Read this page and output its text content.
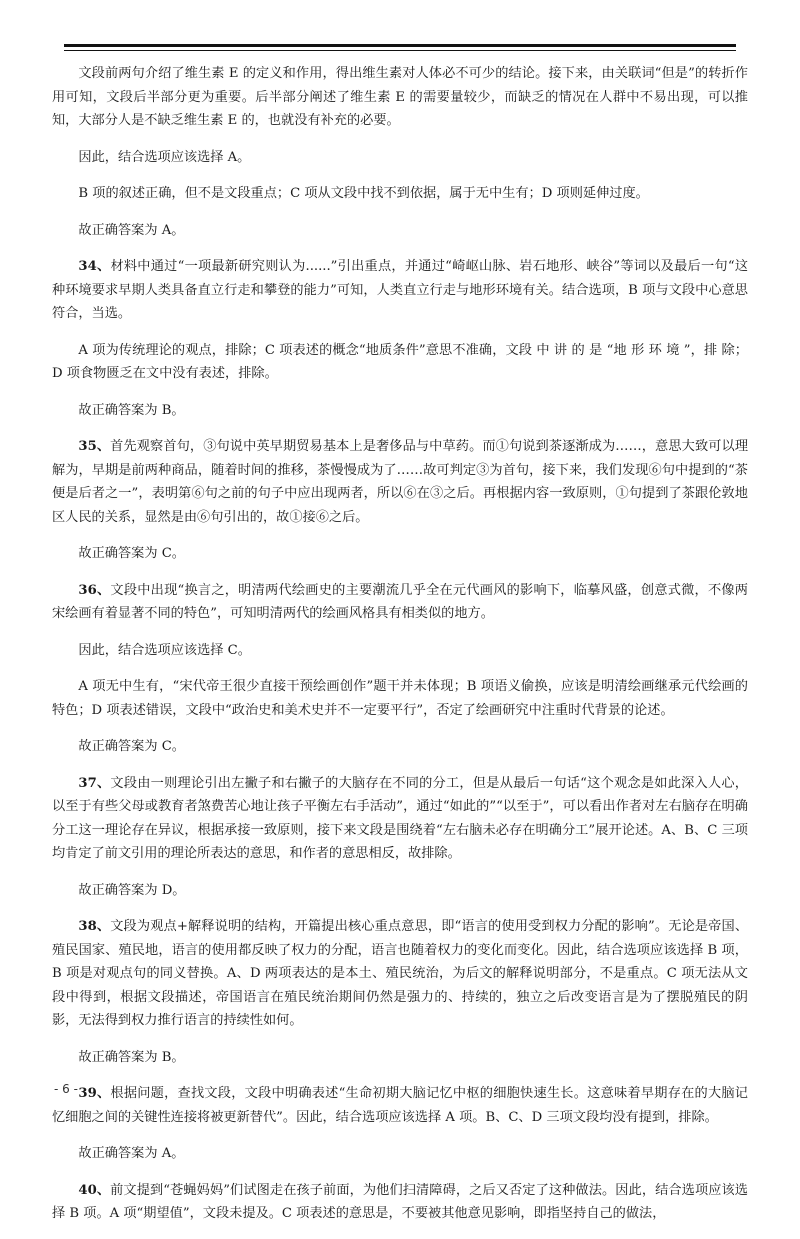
文段前两句介绍了维生素 E 的定义和作用，得出维生素对人体必不可少的结论。接下来，由关联词“但是”的转折作用可知，文段后半部分更为重要。后半部分阐述了维生素 E 的需要量较少，而缺乏的情况在人群中不易出现，可以推知，大部分人是不缺乏维生素 E 的，也就没有补充的必要。

因此，结合选项应该选择 A。

B 项的叙述正确，但不是文段重点；C 项从文段中找不到依据，属于无中生有；D 项则延伸过度。

故正确答案为 A。

34、材料中通过“一项最新研究则认为......”引出重点，并通过“崎岖山脉、岩石地形、峡谷”等词以及最后一句“这种环境要求早期人类具备直立行走和攀登的能力”可知，人类直立行走与地形环境有关。结合选项，B 项与文段中心意思符合，当选。

A 项为传统理论的观点，排除；C 项表述的概念“地质条件”意思不准确，文段 中 讲 的 是 “地 形 环 境 ”，排 除；D 项食物匮乏在文中没有表述，排除。

故正确答案为 B。

35、首先观察首句，③句说中英早期贸易基本上是奢侈品与中草药。而①句说到茶逐渐成为……，意思大致可以理解为，早期是前两种商品，随着时间的推移，茶慢慢成为了……故可判定③为首句，接下来，我们发现⑥句中提到的“茶便是后者之一”，表明第⑥句之前的句子中应出现两者，所以⑥在③之后。再根据内容一致原则，①句提到了茶跟伦敦地区人民的关系，显然是由⑥句引出的，故①接⑥之后。

故正确答案为 C。

36、文段中出现“换言之，明清两代绘画史的主要潮流几乎全在元代画风的影响下，临摹风盛，创意式微，不像两宋绘画有着显著不同的特色”，可知明清两代的绘画风格具有相类似的地方。

因此，结合选项应该选择 C。

A 项无中生有，“宋代帝王很少直接干预绘画创作”题干并未体现；B 项语义偷换，应该是明清绘画继承元代绘画的特色；D 项表述错误，文段中“政治史和美术史并不一定要平行”，否定了绘画研究中注重时代背景的论述。

故正确答案为 C。

37、文段由一则理论引出左撇子和右撇子的大脑存在不同的分工，但是从最后一句话“这个观念是如此深入人心，以至于有些父母或教育者煞费苦心地让孩子平衡左右手活动”，通过“如此的”“以至于”，可以看出作者对左右脑存在明确分工这一理论存在异议，根据承接一致原则，接下来文段是围绕着“左右脑未必存在明确分工”展开论述。A、B、C 三项均肯定了前文引用的理论所表达的意思，和作者的意思相反，故排除。

故正确答案为 D。

38、文段为观点+解释说明的结构，开篇提出核心重点意思，即“语言的使用受到权力分配的影响”。无论是帝国、殖民国家、殖民地，语言的使用都反映了权力的分配，语言也随着权力的变化而变化。因此，结合选项应该选择 B 项，B 项是对观点句的同义替换。A、D 两项表达的是本土、殖民统治，为后文的解释说明部分，不是重点。C 项无法从文段中得到，根据文段描述，帝国语言在殖民统治期间仍然是强力的、持续的，独立之后改变语言是为了摆脱殖民的阴影，无法得到权力推行语言的持续性如何。

故正确答案为 B。

39、根据问题，查找文段，文段中明确表述“生命初期大脑记忆中枢的细胞快速生长。这意味着早期存在的大脑记忆细胞之间的关键性连接将被更新替代”。因此，结合选项应该选择 A 项。B、C、D 三项文段均没有提到，排除。

故正确答案为 A。

40、前文提到“苍蝇妈妈”们试图走在孩子前面，为他们扫清障碍，之后又否定了这种做法。因此，结合选项应该选择 B 项。A 项“期望值”，文段未提及。C 项表述的意思是，不要被其他意见影响，即指坚持自己的做法，

- 6 -
